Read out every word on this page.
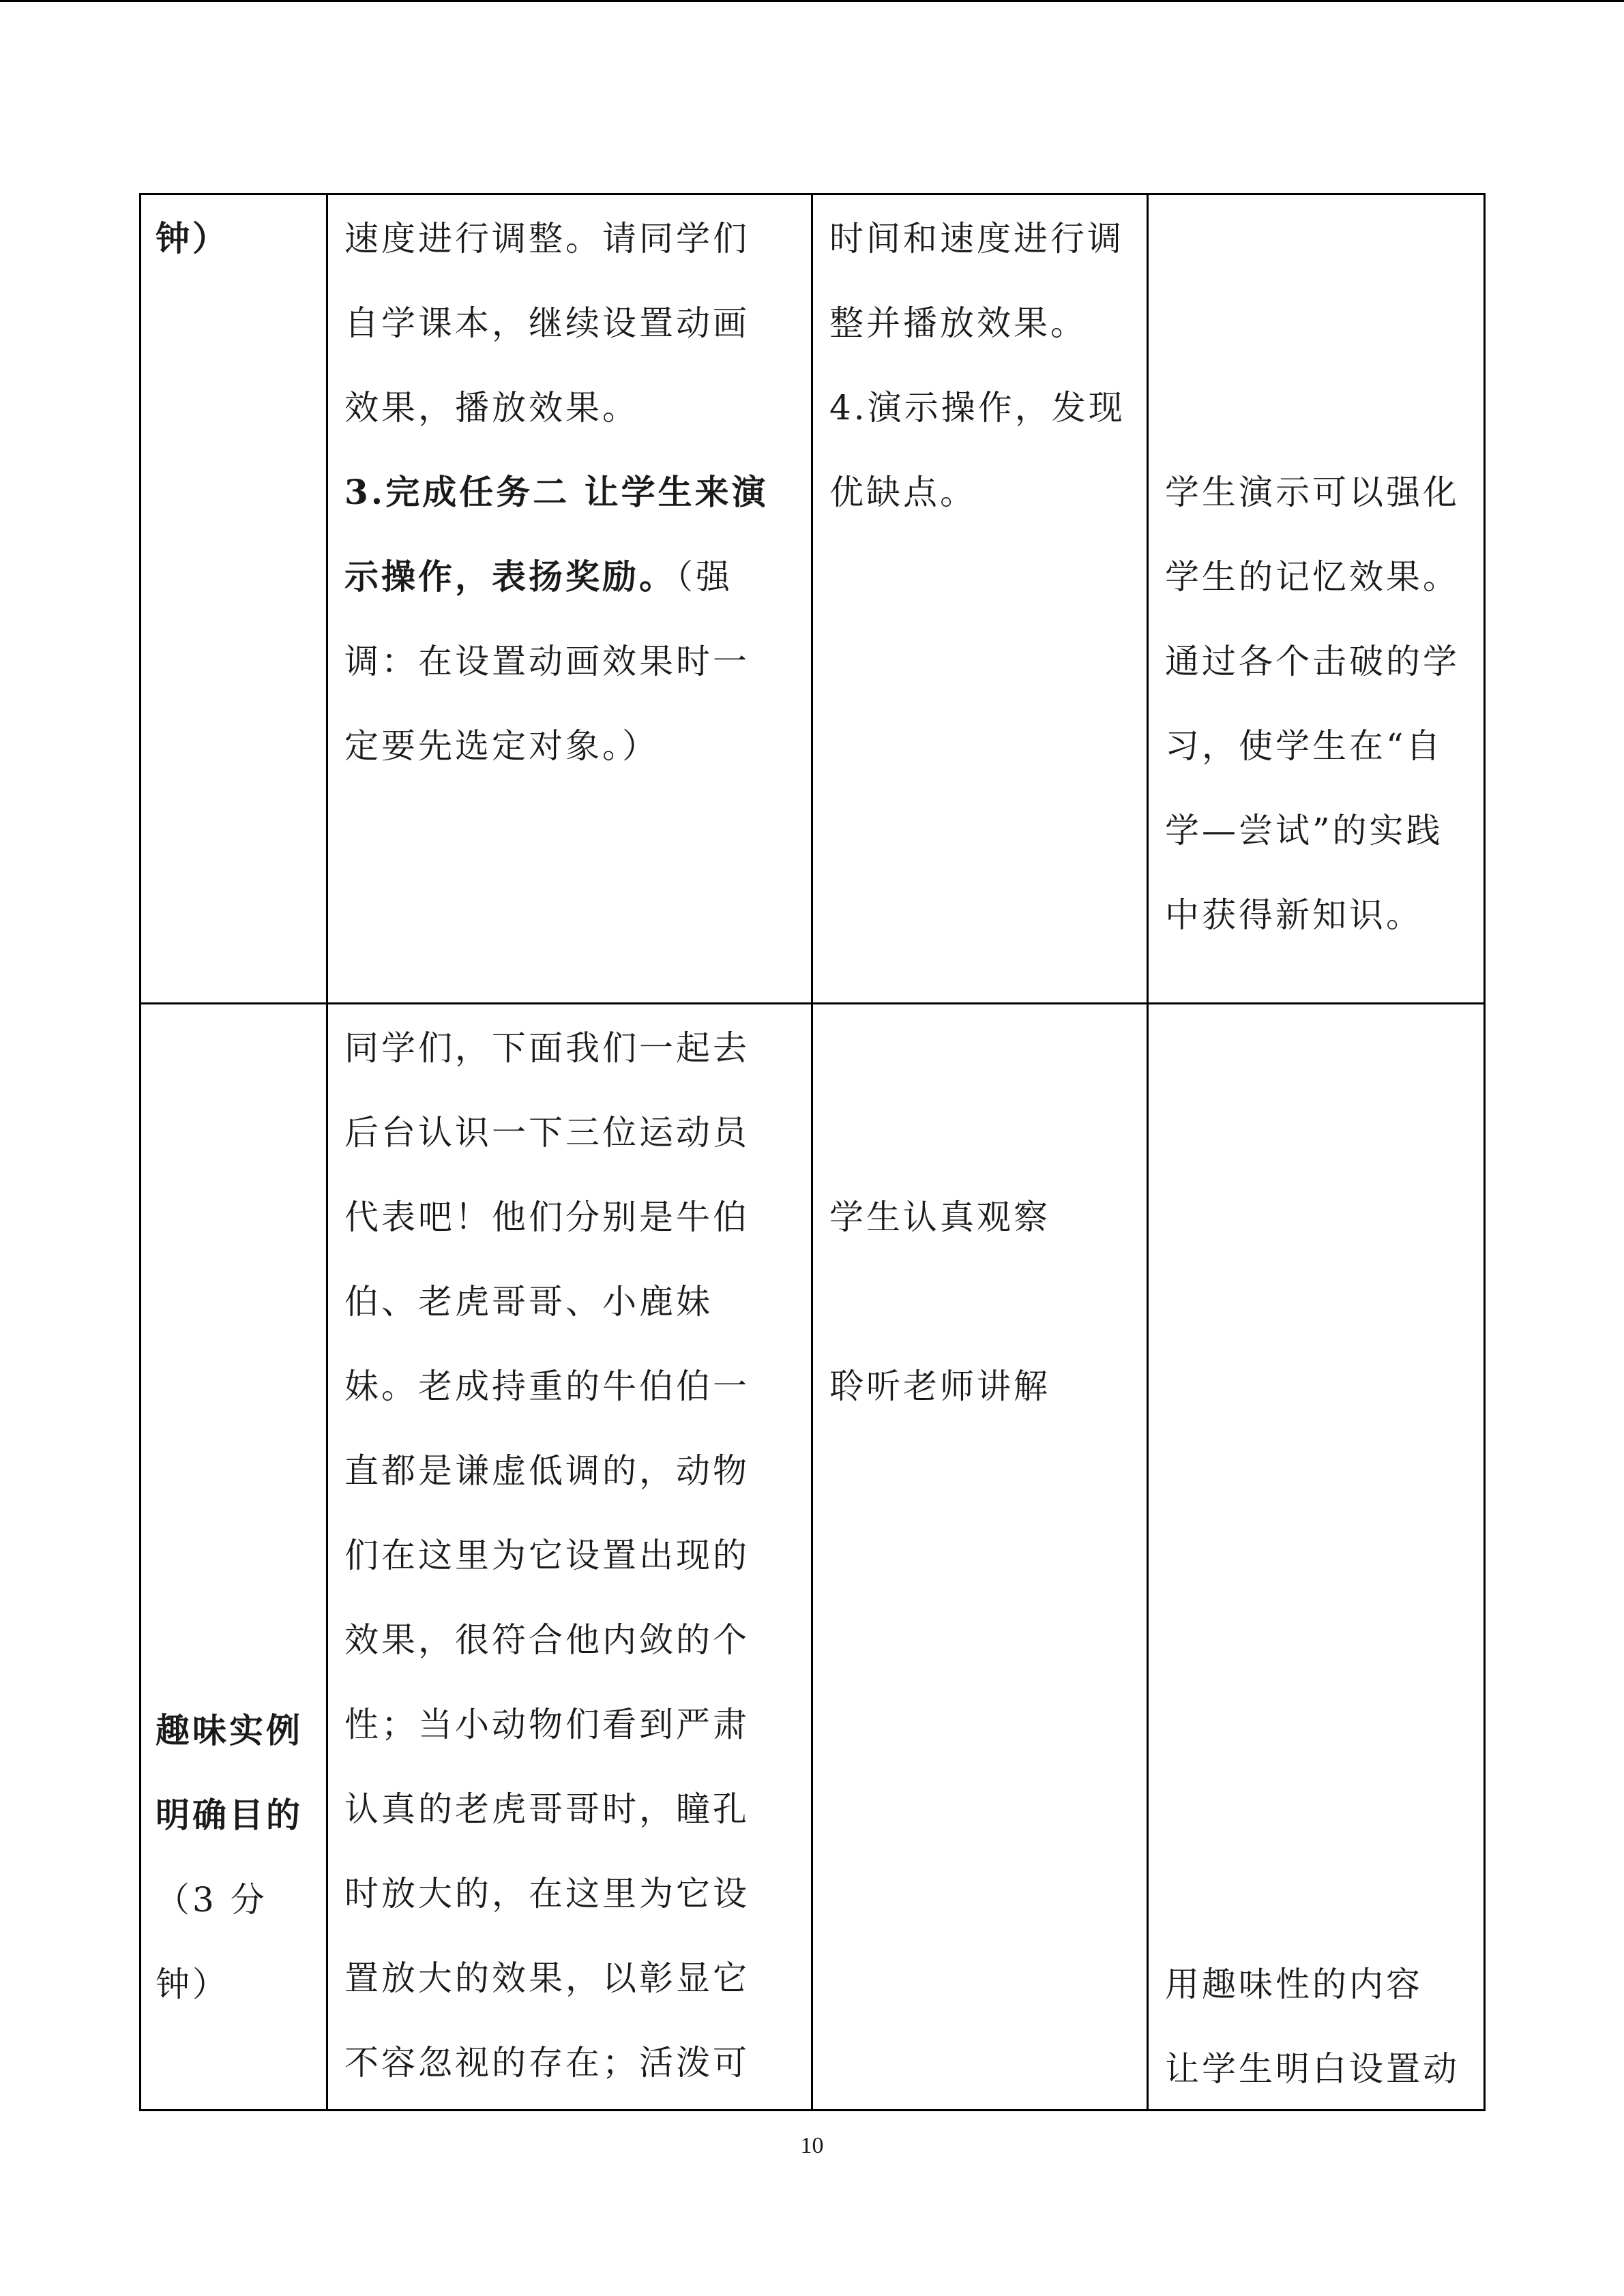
钟）	速度进行调整。请同学们
自学课本，继续设置动画
效果，播放效果。
3.完成任务二 让学生来演
示操作，表扬奖励。（强
调：在设置动画效果时一
定要先选定对象。）
时间和速度进行调
整并播放效果。
4.演示操作，发现
优缺点。	学生演示可以强化
学生的记忆效果。
通过各个击破的学
习，使学生在“自
学—尝试”的实践
中获得新知识。
趣味实例
明确目的
（3 分
钟）
同学们，下面我们一起去
后台认识一下三位运动员
代表吧！他们分别是牛伯
伯、老虎哥哥、小鹿妹
妹。老成持重的牛伯伯一
直都是谦虚低调的，动物
们在这里为它设置出现的
效果，很符合他内敛的个
性；当小动物们看到严肃
认真的老虎哥哥时，瞳孔
时放大的，在这里为它设
置放大的效果，以彰显它
不容忽视的存在；活泼可
学生认真观察
聆听老师讲解
用趣味性的内容
让学生明白设置动
10
